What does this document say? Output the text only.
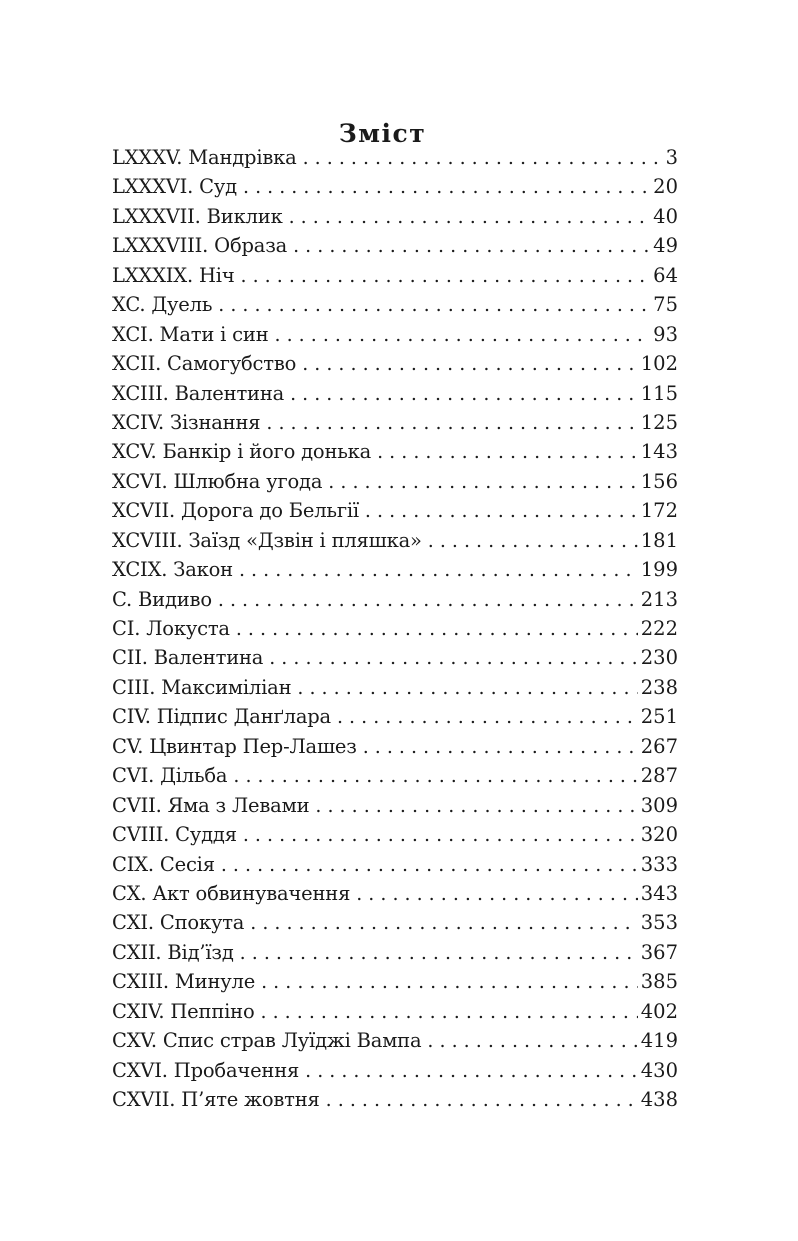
Зміст
LXXXV. Мандрівка . . .	3
LXXXVI. Суд . . .	20
LXXXVII. Виклик . . .	40
LXXXVIII. Образа . . .	49
LXXXIX. Ніч . . .	64
XC. Дуель . . .	75
XCI. Мати і син . . .	93
XCII. Самогубство . . .	102
XCIII. Валентина . . .	115
XCIV. Зізнання . . .	125
XCV. Банкір і його донька . . .	143
XCVI. Шлюбна угода . . .	156
XCVII. Дорога до Бельгії . . .	172
XCVIII. Заїзд «Дзвін і пляшка» . . .	181
XCIX. Закон . . .	199
C. Видиво . . .	213
CI. Локуста . . .	222
CII. Валентина . . .	230
CIII. Максиміліан . . .	238
CIV. Підпис Данґлара . . .	251
CV. Цвинтар Пер-Лашез . . .	267
CVI. Дільба . . .	287
CVII. Яма з Левами . . .	309
CVIII. Суддя . . .	320
CIX. Сесія . . .	333
CX. Акт обвинувачення . . .	343
CXI. Спокута . . .	353
CXII. Від’їзд . . .	367
CXIII. Минуле . . .	385
CXIV. Пеппіно . . .	402
CXV. Спис страв Луїджі Вампа . . .	419
CXVI. Пробачення . . .	430
CXVII. П’яте жовтня . . .	438
